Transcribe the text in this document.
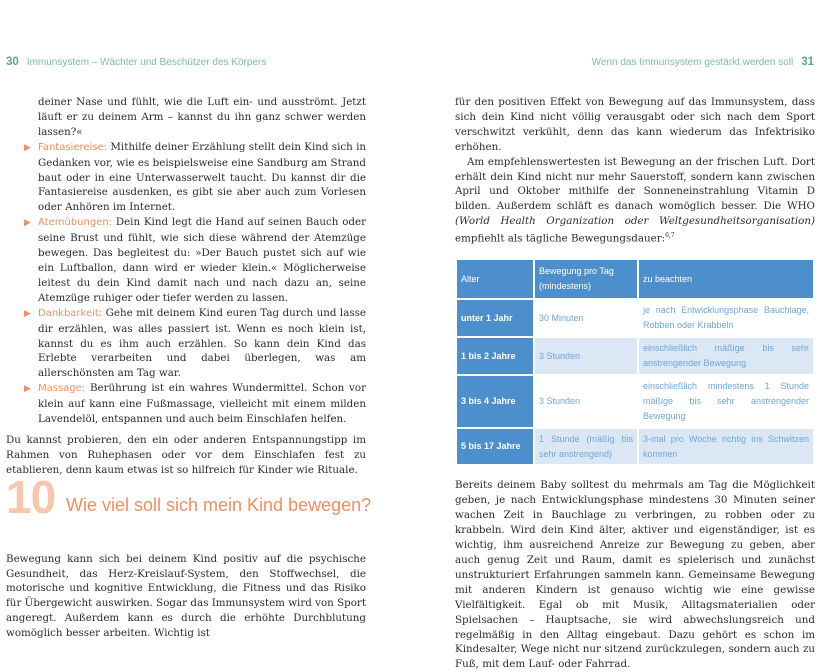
30 Immunsystem – Wächter und Beschützer des Körpers

deiner Nase und fühlt, wie die Luft ein- und ausströmt. Jetzt läuft er zu deinem Arm – kannst du ihn ganz schwer werden lassen?«

▶ Fantasiereise: Mithilfe deiner Erzählung stellt dein Kind sich in Gedanken vor, wie es beispielsweise eine Sandburg am Strand baut oder in eine Unterwasserwelt taucht. Du kannst dir die Fantasiereise ausdenken, es gibt sie aber auch zum Vorlesen oder Anhören im Internet.

▶ Atemübungen: Dein Kind legt die Hand auf seinen Bauch oder seine Brust und fühlt, wie sich diese während der Atemzüge bewegen. Das begleitest du: »Der Bauch pustet sich auf wie ein Luftballon, dann wird er wieder klein.« Möglicherweise leitest du dein Kind damit nach und nach dazu an, seine Atemzüge ruhiger oder tiefer werden zu lassen.

▶ Dankbarkeit: Gehe mit deinem Kind euren Tag durch und lasse dir erzählen, was alles passiert ist. Wenn es noch klein ist, kannst du es ihm auch erzählen. So kann dein Kind das Erlebte verarbeiten und dabei überlegen, was am allerschönsten am Tag war.

▶ Massage: Berührung ist ein wahres Wundermittel. Schon vor klein auf kann eine Fußmassage, vielleicht mit einem milden Lavendelöl, entspannen und auch beim Einschlafen helfen.

Du kannst probieren, den ein oder anderen Entspannungstipp im Rahmen von Ruhephasen oder vor dem Einschlafen fest zu etablieren, denn kaum etwas ist so hilfreich für Kinder wie Rituale.

10 Wie viel soll sich mein Kind bewegen?

Bewegung kann sich bei deinem Kind positiv auf die psychische Gesundheit, das Herz-Kreislauf-System, den Stoffwechsel, die motorische und kognitive Entwicklung, die Fitness und das Risiko für Übergewicht auswirken. Sogar das Immunsystem wird von Sport angeregt. Außerdem kann es durch die erhöhte Durchblutung womöglich besser arbeiten. Wichtig ist

Wenn das Immunsystem gestärkt werden soll 31

für den positiven Effekt von Bewegung auf das Immunsystem, dass sich dein Kind nicht völlig verausgabt oder sich nach dem Sport verschwitzt verkühlt, denn das kann wiederum das Infektrisiko erhöhen.

Am empfehlenswertesten ist Bewegung an der frischen Luft. Dort erhält dein Kind nicht nur mehr Sauerstoff, sondern kann zwischen April und Oktober mithilfe der Sonneneinstrahlung Vitamin D bilden. Außerdem schläft es danach womöglich besser. Die WHO (World Health Organization oder Weltgesundheitsorganisation) empfiehlt als tägliche Bewegungsdauer:$^{6,7}$

Alter	Bewegung pro Tag (mindestens)	zu beachten
unter 1 Jahr	30 Minuten	je nach Entwicklungsphase Bauchlage, Robben oder Krabbeln
1 bis 2 Jahre	3 Stunden	einschließlich mäßige bis sehr anstrengender Bewegung
3 bis 4 Jahre	3 Stunden	einschließlich mindestens 1 Stunde mäßige bis sehr anstrengender Bewegung
5 bis 17 Jahre	1 Stunde (mäßig bis sehr anstrengend)	3-mal pro Woche richtig ins Schwitzen kommen

Bereits deinem Baby solltest du mehrmals am Tag die Möglichkeit geben, je nach Entwicklungsphase mindestens 30 Minuten seiner wachen Zeit in Bauchlage zu verbringen, zu robben oder zu krabbeln. Wird dein Kind älter, aktiver und eigenständiger, ist es wichtig, ihm ausreichend Anreize zur Bewegung zu geben, aber auch genug Zeit und Raum, damit es spielerisch und zunächst unstrukturiert Erfahrungen sammeln kann. Gemeinsame Bewegung mit anderen Kindern ist genauso wichtig wie eine gewisse Vielfältigkeit. Egal ob mit Musik, Alltagsmaterialien oder Spielsachen – Hauptsache, sie wird abwechslungsreich und regelmäßig in den Alltag eingebaut. Dazu gehört es schon im Kindesalter, Wege nicht nur sitzend zurückzulegen, sondern auch zu Fuß, mit dem Lauf- oder Fahrrad.
